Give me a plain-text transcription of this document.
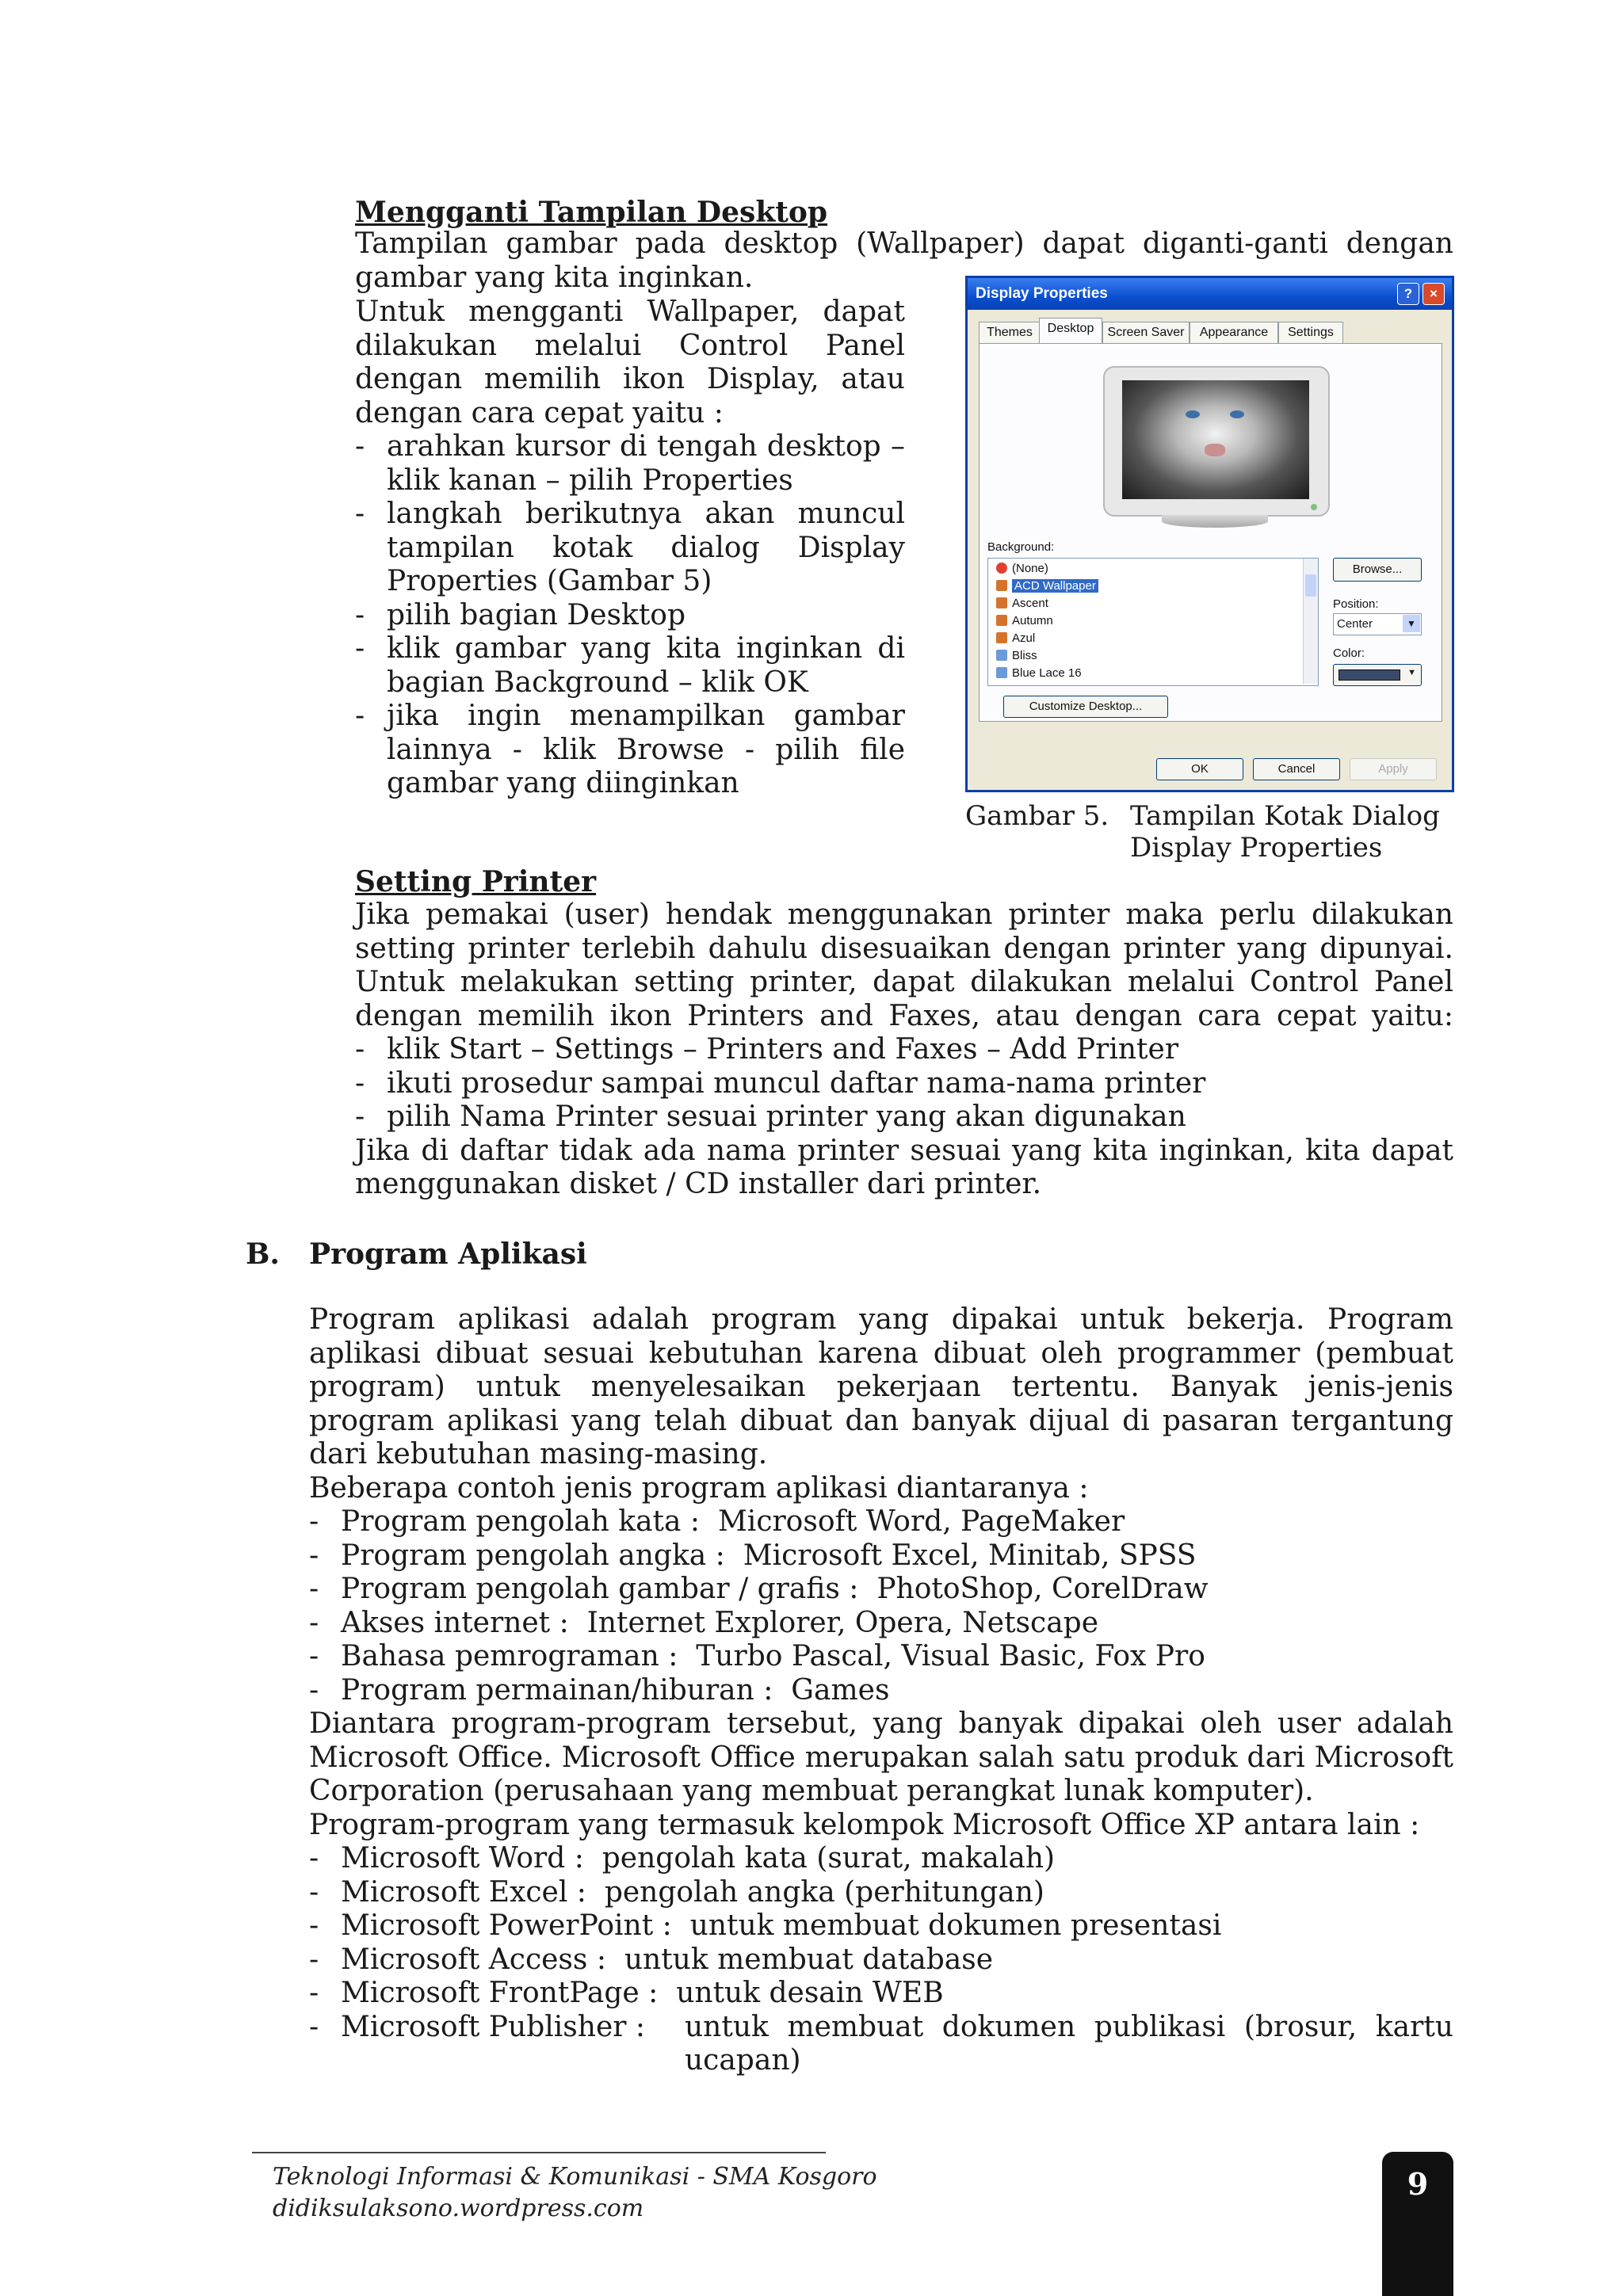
Mengganti Tampilan Desktop
Tampilan gambar pada desktop (Wallpaper) dapat diganti-ganti dengan
gambar yang kita inginkan.
Untuk mengganti Wallpaper, dapat
dilakukan melalui Control Panel
dengan memilih ikon Display, atau
dengan cara cepat yaitu :
- arahkan kursor di tengah desktop –
klik kanan – pilih Properties
- langkah berikutnya akan muncul
tampilan kotak dialog Display
Properties (Gambar 5)
- pilih bagian Desktop
- klik gambar yang kita inginkan di
bagian Background – klik OK
- jika ingin menampilkan gambar
lainnya - klik Browse - pilih file
gambar yang diinginkan
Display Properties	?	×
Themes	Desktop	Screen Saver	Appearance	Settings
Background:
(None)
ACD Wallpaper
Ascent
Autumn
Azul
Bliss
Blue Lace 16
Browse...
Position:
Center	▼
Color:
▼
Customize Desktop...
OK	Cancel	Apply
Gambar 5. Tampilan Kotak Dialog
Display Properties
Setting Printer
Jika pemakai (user) hendak menggunakan printer maka perlu dilakukan
setting printer terlebih dahulu disesuaikan dengan printer yang dipunyai.
Untuk melakukan setting printer, dapat dilakukan melalui Control Panel
dengan memilih ikon Printers and Faxes, atau dengan cara cepat yaitu:
- klik Start – Settings – Printers and Faxes – Add Printer
- ikuti prosedur sampai muncul daftar nama-nama printer
- pilih Nama Printer sesuai printer yang akan digunakan
Jika di daftar tidak ada nama printer sesuai yang kita inginkan, kita dapat
menggunakan disket / CD installer dari printer.
B. Program Aplikasi
Program aplikasi adalah program yang dipakai untuk bekerja. Program
aplikasi dibuat sesuai kebutuhan karena dibuat oleh programmer (pembuat
program) untuk menyelesaikan pekerjaan tertentu. Banyak jenis-jenis
program aplikasi yang telah dibuat dan banyak dijual di pasaran tergantung
dari kebutuhan masing-masing.
Beberapa contoh jenis program aplikasi diantaranya :
- Program pengolah kata :
Microsoft Word, PageMaker
- Program pengolah angka :
Microsoft Excel, Minitab, SPSS
- Program pengolah gambar / grafis :
PhotoShop, CorelDraw
- Akses internet :
Internet Explorer, Opera, Netscape
- Bahasa pemrograman :
Turbo Pascal, Visual Basic, Fox Pro
- Program permainan/hiburan :
Games
Diantara program-program tersebut, yang banyak dipakai oleh user adalah
Microsoft Office. Microsoft Office merupakan salah satu produk dari Microsoft
Corporation (perusahaan yang membuat perangkat lunak komputer).
Program-program yang termasuk kelompok Microsoft Office XP antara lain :
- Microsoft Word :
pengolah kata (surat, makalah)
- Microsoft Excel :
pengolah angka (perhitungan)
- Microsoft PowerPoint :
untuk membuat dokumen presentasi
- Microsoft Access :
untuk membuat database
- Microsoft FrontPage :
untuk desain WEB
- Microsoft Publisher :	untuk membuat dokumen publikasi (brosur, kartu
ucapan)
Teknologi Informasi & Komunikasi - SMA Kosgoro
didiksulaksono.wordpress.com
9
